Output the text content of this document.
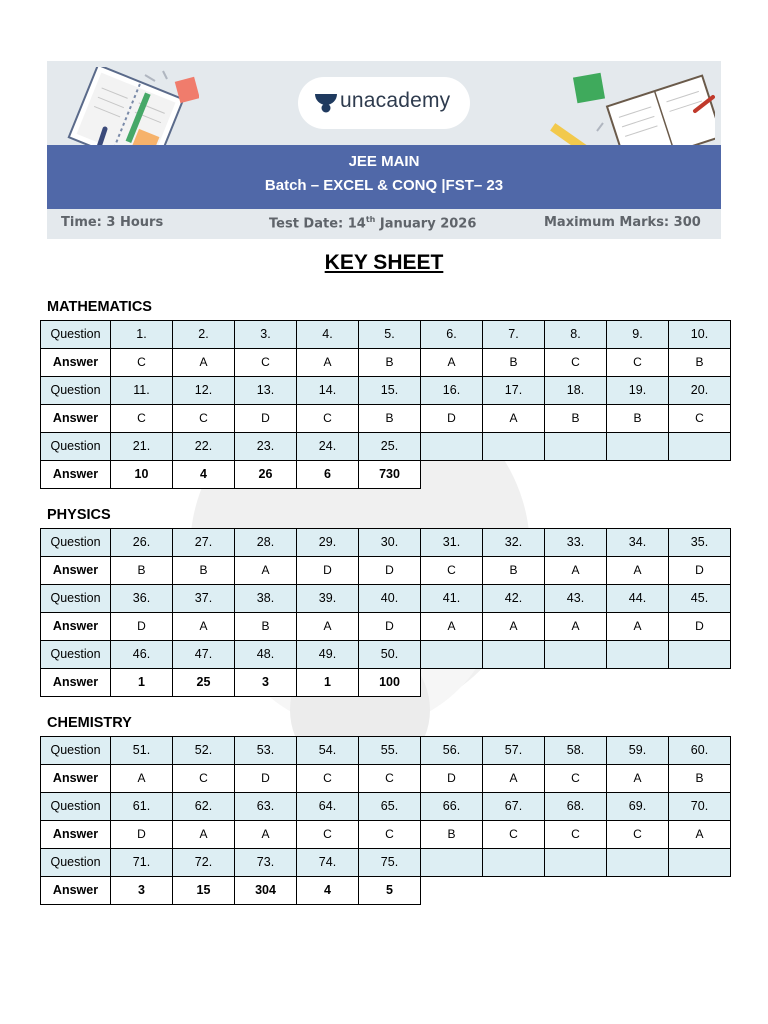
unacademy
JEE MAIN
Batch – EXCEL & CONQ |FST– 23
Time: 3 Hours	Test Date: 14th January 2026	Maximum Marks: 300
KEY SHEET
MATHEMATICS
Question	1.	2.	3.	4.	5.	6.	7.	8.	9.	10.
Answer	C	A	C	A	B	A	B	C	C	B
Question	11.	12.	13.	14.	15.	16.	17.	18.	19.	20.
Answer	C	C	D	C	B	D	A	B	B	C
Question	21.	22.	23.	24.	25.					
Answer	10	4	26	6	730					
PHYSICS
Question	26.	27.	28.	29.	30.	31.	32.	33.	34.	35.
Answer	B	B	A	D	D	C	B	A	A	D
Question	36.	37.	38.	39.	40.	41.	42.	43.	44.	45.
Answer	D	A	B	A	D	A	A	A	A	D
Question	46.	47.	48.	49.	50.					
Answer	1	25	3	1	100					
CHEMISTRY
Question	51.	52.	53.	54.	55.	56.	57.	58.	59.	60.
Answer	A	C	D	C	C	D	A	C	A	B
Question	61.	62.	63.	64.	65.	66.	67.	68.	69.	70.
Answer	D	A	A	C	C	B	C	C	C	A
Question	71.	72.	73.	74.	75.					
Answer	3	15	304	4	5					
